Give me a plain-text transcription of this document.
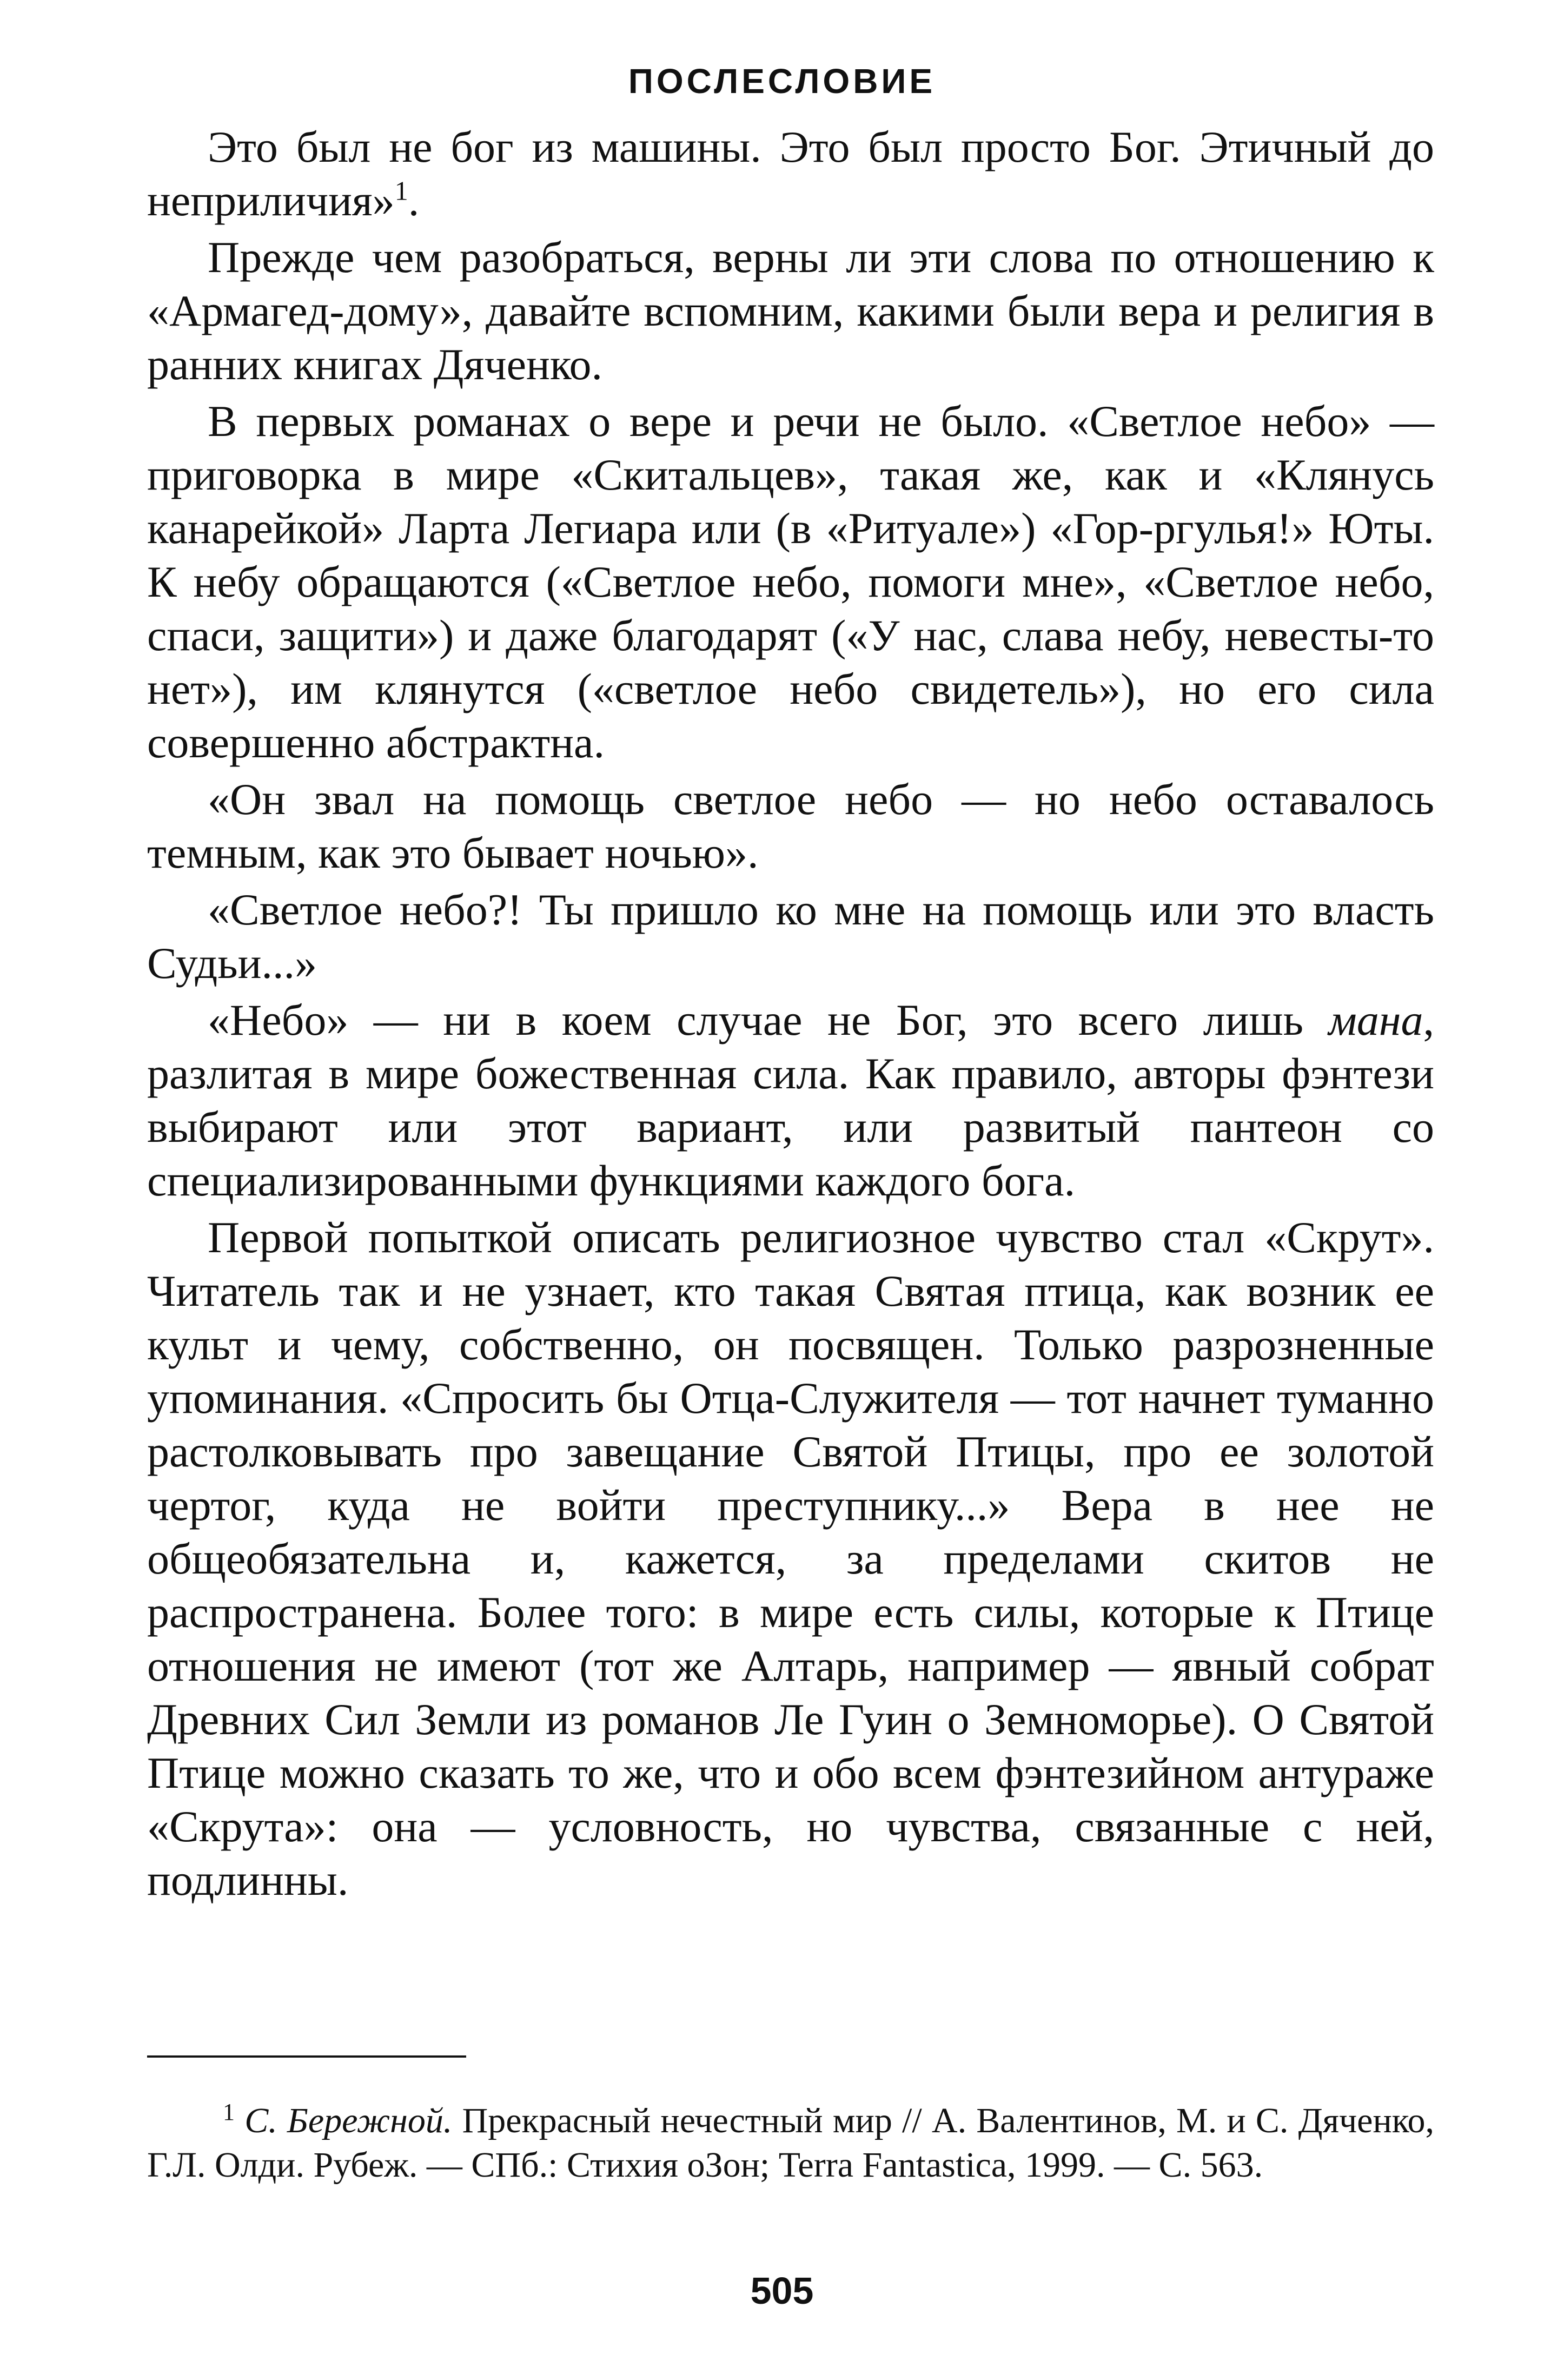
ПОСЛЕСЛОВИЕ

Это был не бог из машины. Это был просто Бог. Этичный до неприличия»$^1$.

Прежде чем разобраться, верны ли эти слова по отношению к «Армагед-дому», давайте вспомним, какими были вера и религия в ранних книгах Дяченко.

В первых романах о вере и речи не было. «Светлое небо» — приговорка в мире «Скитальцев», такая же, как и «Клянусь канарейкой» Ларта Легиара или (в «Ритуале») «Гор-ргулья!» Юты. К небу обращаются («Светлое небо, помоги мне», «Светлое небо, спаси, защити») и даже благодарят («У нас, слава небу, невесты-то нет»), им клянутся («светлое небо свидетель»), но его сила совершенно абстрактна.

«Он звал на помощь светлое небо — но небо оставалось темным, как это бывает ночью».

«Светлое небо?! Ты пришло ко мне на помощь или это власть Судьи...»

«Небо» — ни в коем случае не Бог, это всего лишь мана, разлитая в мире божественная сила. Как правило, авторы фэнтези выбирают или этот вариант, или развитый пантеон со специализированными функциями каждого бога.

Первой попыткой описать религиозное чувство стал «Скрут». Читатель так и не узнает, кто такая Святая птица, как возник ее культ и чему, собственно, он посвящен. Только разрозненные упоминания. «Спросить бы Отца-Служителя — тот начнет туманно растолковывать про завещание Святой Птицы, про ее золотой чертог, куда не войти преступнику...» Вера в нее не общеобязательна и, кажется, за пределами скитов не распространена. Более того: в мире есть силы, которые к Птице отношения не имеют (тот же Алтарь, например — явный собрат Древних Сил Земли из романов Ле Гуин о Земноморье). О Святой Птице можно сказать то же, что и обо всем фэнтезийном антураже «Скрута»: она — условность, но чувства, связанные с ней, подлинны.

$^1$ С. Бережной. Прекрасный нечестный мир // А. Валентинов, М. и С. Дяченко, Г.Л. Олди. Рубеж. — СПб.: Стихия оЗон; Terra Fantastica, 1999. — С. 563.

505
